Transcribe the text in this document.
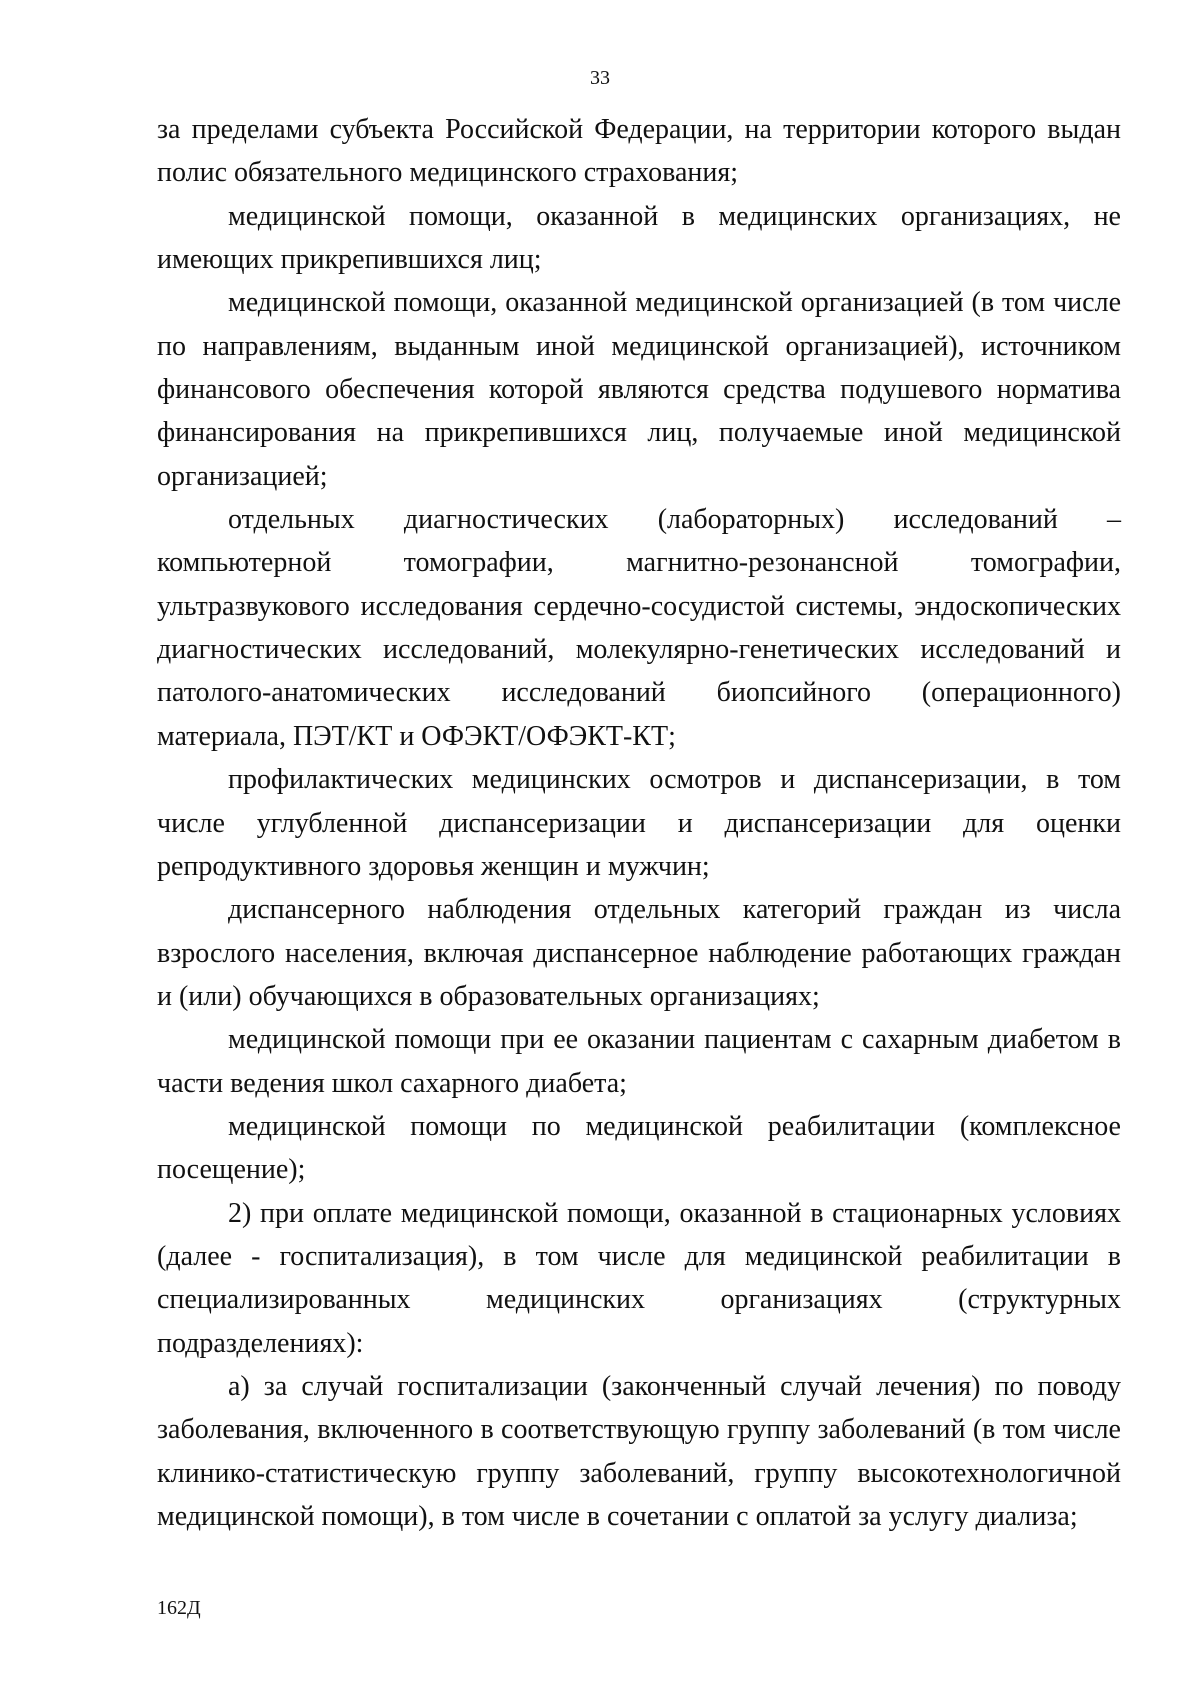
33

за пределами субъекта Российской Федерации, на территории которого выдан полис обязательного медицинского страхования;

медицинской помощи, оказанной в медицинских организациях, не имеющих прикрепившихся лиц;

медицинской помощи, оказанной медицинской организацией (в том числе по направлениям, выданным иной медицинской организацией), источником финансового обеспечения которой являются средства подушевого норматива финансирования на прикрепившихся лиц, получаемые иной медицинской организацией;

отдельных диагностических (лабораторных) исследований – компьютерной томографии, магнитно-резонансной томографии, ультразвукового исследования сердечно-сосудистой системы, эндоскопических диагностических исследований, молекулярно-генетических исследований и патолого-анатомических исследований биопсийного (операционного) материала, ПЭТ/КТ и ОФЭКТ/ОФЭКТ-КТ;

профилактических медицинских осмотров и диспансеризации, в том числе углубленной диспансеризации и диспансеризации для оценки репродуктивного здоровья женщин и мужчин;

диспансерного наблюдения отдельных категорий граждан из числа взрослого населения, включая диспансерное наблюдение работающих граждан и (или) обучающихся в образовательных организациях;

медицинской помощи при ее оказании пациентам с сахарным диабетом в части ведения школ сахарного диабета;

медицинской помощи по медицинской реабилитации (комплексное посещение);

2) при оплате медицинской помощи, оказанной в стационарных условиях (далее - госпитализация), в том числе для медицинской реабилитации в специализированных медицинских организациях (структурных подразделениях):

а) за случай госпитализации (законченный случай лечения) по поводу заболевания, включенного в соответствующую группу заболеваний (в том числе клинико-статистическую группу заболеваний, группу высокотехнологичной медицинской помощи), в том числе в сочетании с оплатой за услугу диализа;

162Д
